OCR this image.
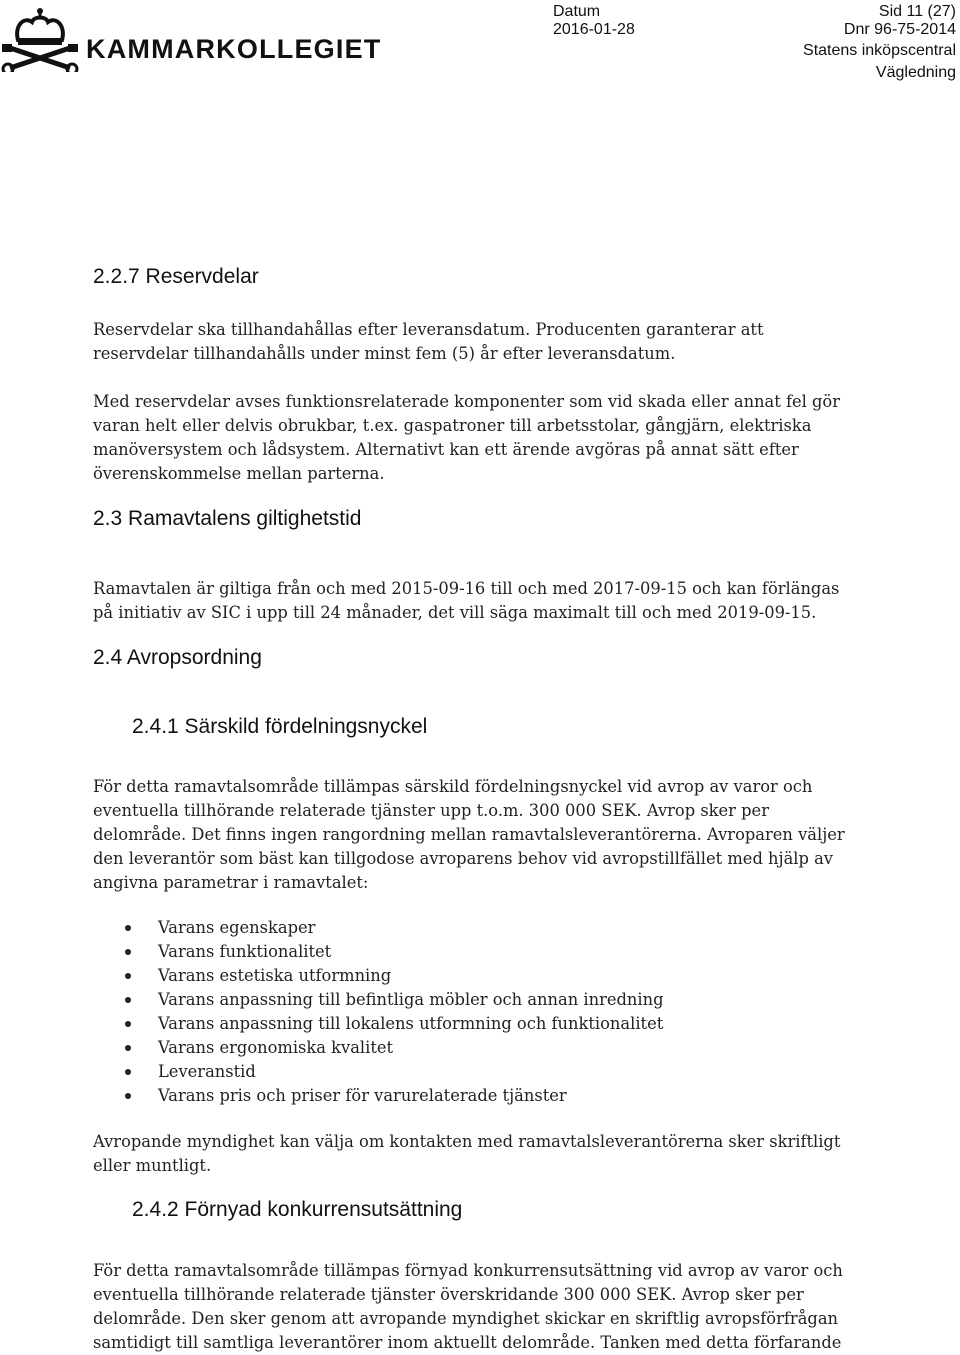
KAMMARKOLLEGIET
Datum
2016-01-28
Sid 11 (27)
Dnr 96-75-2014
Statens inköpscentral
Vägledning
2.2.7 Reservdelar

Reservdelar ska tillhandahållas efter leveransdatum. Producenten garanterar att
reservdelar tillhandahålls under minst fem (5) år efter leveransdatum.

Med reservdelar avses funktionsrelaterade komponenter som vid skada eller annat fel gör
varan helt eller delvis obrukbar, t.ex. gaspatroner till arbetsstolar, gångjärn, elektriska
manöversystem och lådsystem. Alternativt kan ett ärende avgöras på annat sätt efter
överenskommelse mellan parterna.

2.3 Ramavtalens giltighetstid

Ramavtalen är giltiga från och med 2015-09-16 till och med 2017-09-15 och kan förlängas
på initiativ av SIC i upp till 24 månader, det vill säga maximalt till och med 2019-09-15.

2.4 Avropsordning
2.4.1 Särskild fördelningsnyckel

För detta ramavtalsområde tillämpas särskild fördelningsnyckel vid avrop av varor och
eventuella tillhörande relaterade tjänster upp t.o.m. 300 000 SEK. Avrop sker per
delområde. Det finns ingen rangordning mellan ramavtalsleverantörerna. Avroparen väljer
den leverantör som bäst kan tillgodose avroparens behov vid avropstillfället med hjälp av
angivna parametrar i ramavtalet:

Varans egenskaper
Varans funktionalitet
Varans estetiska utformning
Varans anpassning till befintliga möbler och annan inredning
Varans anpassning till lokalens utformning och funktionalitet
Varans ergonomiska kvalitet
Leveranstid
Varans pris och priser för varurelaterade tjänster

Avropande myndighet kan välja om kontakten med ramavtalsleverantörerna sker skriftligt
eller muntligt.

2.4.2 Förnyad konkurrensutsättning

För detta ramavtalsområde tillämpas förnyad konkurrensutsättning vid avrop av varor och
eventuella tillhörande relaterade tjänster överskridande 300 000 SEK. Avrop sker per
delområde. Den sker genom att avropande myndighet skickar en skriftlig avropsförfrågan
samtidigt till samtliga leverantörer inom aktuellt delområde. Tanken med detta förfarande
